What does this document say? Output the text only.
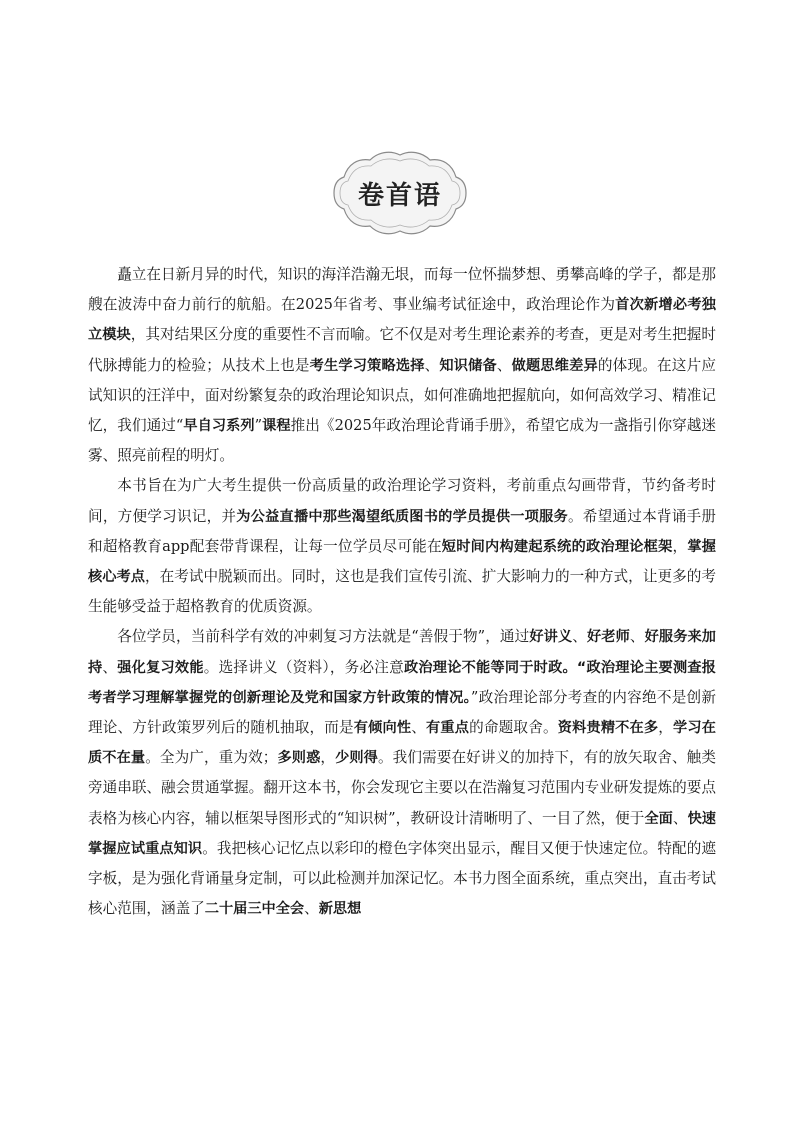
卷首语

矗立在日新月异的时代，知识的海洋浩瀚无垠，而每一位怀揣梦想、勇攀高峰的学子，都是那艘在波涛中奋力前行的航船。在2025年省考、事业编考试征途中，政治理论作为首次新增必考独立模块，其对结果区分度的重要性不言而喻。它不仅是对考生理论素养的考查，更是对考生把握时代脉搏能力的检验；从技术上也是考生学习策略选择、知识储备、做题思维差异的体现。在这片应试知识的汪洋中，面对纷繁复杂的政治理论知识点，如何准确地把握航向，如何高效学习、精准记忆，我们通过“早自习系列”课程推出《2025年政治理论背诵手册》，希望它成为一盏指引你穿越迷雾、照亮前程的明灯。

本书旨在为广大考生提供一份高质量的政治理论学习资料，考前重点勾画带背，节约备考时间，方便学习识记，并为公益直播中那些渴望纸质图书的学员提供一项服务。希望通过本背诵手册和超格教育app配套带背课程，让每一位学员尽可能在短时间内构建起系统的政治理论框架，掌握核心考点，在考试中脱颖而出。同时，这也是我们宣传引流、扩大影响力的一种方式，让更多的考生能够受益于超格教育的优质资源。

各位学员，当前科学有效的冲刺复习方法就是“善假于物”，通过好讲义、好老师、好服务来加持、强化复习效能。选择讲义（资料），务必注意政治理论不能等同于时政。“政治理论主要测查报考者学习理解掌握党的创新理论及党和国家方针政策的情况。”政治理论部分考查的内容绝不是创新理论、方针政策罗列后的随机抽取，而是有倾向性、有重点的命题取舍。资料贵精不在多，学习在质不在量。全为广，重为效；多则惑，少则得。我们需要在好讲义的加持下，有的放矢取舍、触类旁通串联、融会贯通掌握。翻开这本书，你会发现它主要以在浩瀚复习范围内专业研发提炼的要点表格为核心内容，辅以框架导图形式的“知识树”，教研设计清晰明了、一目了然，便于全面、快速掌握应试重点知识。我把核心记忆点以彩印的橙色字体突出显示，醒目又便于快速定位。特配的遮字板，是为强化背诵量身定制，可以此检测并加深记忆。本书力图全面系统，重点突出，直击考试核心范围，涵盖了二十届三中全会、新思想
